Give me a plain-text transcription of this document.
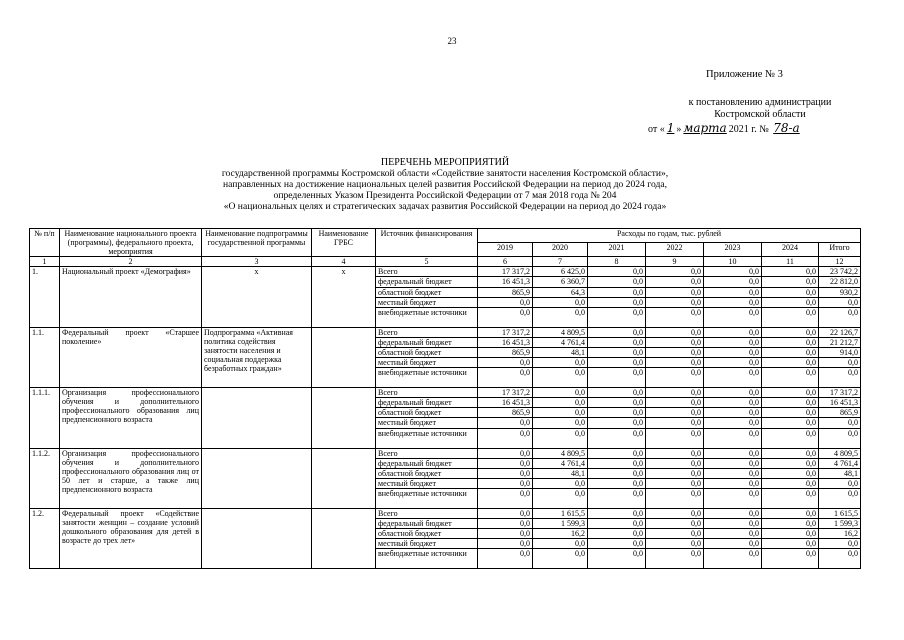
23
Приложение № 3
к постановлению администрации
Костромской области
от « 1 » марта 2021 г. № 78-а
ПЕРЕЧЕНЬ МЕРОПРИЯТИЙ
государственной программы Костромской области «Содействие занятости населения Костромской области»,
направленных на достижение национальных целей развития Российской Федерации на период до 2024 года,
определенных Указом Президента Российской Федерации от 7 мая 2018 года № 204
«О национальных целях и стратегических задачах развития Российской Федерации на период до 2024 года»
№ п/п	Наименование национального проекта (программы), федерального проекта, мероприятия	Наименование подпрограммы государственной программы	Наименование ГРБС	Источник финансирования	Расходы по годам, тыс. рублей						
					2019	2020	2021	2022	2023	2024	Итого
1	2	3	4	5	6	7	8	9	10	11	12
1.	Национальный проект «Демография»	х	х	Всего	17 317,2	6 425,0	0,0	0,0	0,0	0,0	23 742,2
				федеральный бюджет	16 451,3	6 360,7	0,0	0,0	0,0	0,0	22 812,0
				областной бюджет	865,9	64,3	0,0	0,0	0,0	0,0	930,2
				местный бюджет	0,0	0,0	0,0	0,0	0,0	0,0	0,0
				внебюджетные источники	0,0	0,0	0,0	0,0	0,0	0,0	0,0
1.1.	Федеральный проект «Старшее поколение»	Подпрограмма «Активная политика содействия занятости населения и социальная поддержка безработных граждан»		Всего	17 317,2	4 809,5	0,0	0,0	0,0	0,0	22 126,7
				федеральный бюджет	16 451,3	4 761,4	0,0	0,0	0,0	0,0	21 212,7
				областной бюджет	865,9	48,1	0,0	0,0	0,0	0,0	914,0
				местный бюджет	0,0	0,0	0,0	0,0	0,0	0,0	0,0
				внебюджетные источники	0,0	0,0	0,0	0,0	0,0	0,0	0,0
1.1.1.	Организация профессионального обучения и дополнительного профессионального образования лиц предпенсионного возраста			Всего	17 317,2	0,0	0,0	0,0	0,0	0,0	17 317,2
				федеральный бюджет	16 451,3	0,0	0,0	0,0	0,0	0,0	16 451,3
				областной бюджет	865,9	0,0	0,0	0,0	0,0	0,0	865,9
				местный бюджет	0,0	0,0	0,0	0,0	0,0	0,0	0,0
				внебюджетные источники	0,0	0,0	0,0	0,0	0,0	0,0	0,0
1.1.2.	Организация профессионального обучения и дополнительного профессионального образования лиц от 50 лет и старше, а также лиц предпенсионного возраста			Всего	0,0	4 809,5	0,0	0,0	0,0	0,0	4 809,5
				федеральный бюджет	0,0	4 761,4	0,0	0,0	0,0	0,0	4 761,4
				областной бюджет	0,0	48,1	0,0	0,0	0,0	0,0	48,1
				местный бюджет	0,0	0,0	0,0	0,0	0,0	0,0	0,0
				внебюджетные источники	0,0	0,0	0,0	0,0	0,0	0,0	0,0
1.2.	Федеральный проект «Содействие занятости женщин – создание условий дошкольного образования для детей в возрасте до трех лет»			Всего	0,0	1 615,5	0,0	0,0	0,0	0,0	1 615,5
				федеральный бюджет	0,0	1 599,3	0,0	0,0	0,0	0,0	1 599,3
				областной бюджет	0,0	16,2	0,0	0,0	0,0	0,0	16,2
				местный бюджет	0,0	0,0	0,0	0,0	0,0	0,0	0,0
				внебюджетные источники	0,0	0,0	0,0	0,0	0,0	0,0	0,0
